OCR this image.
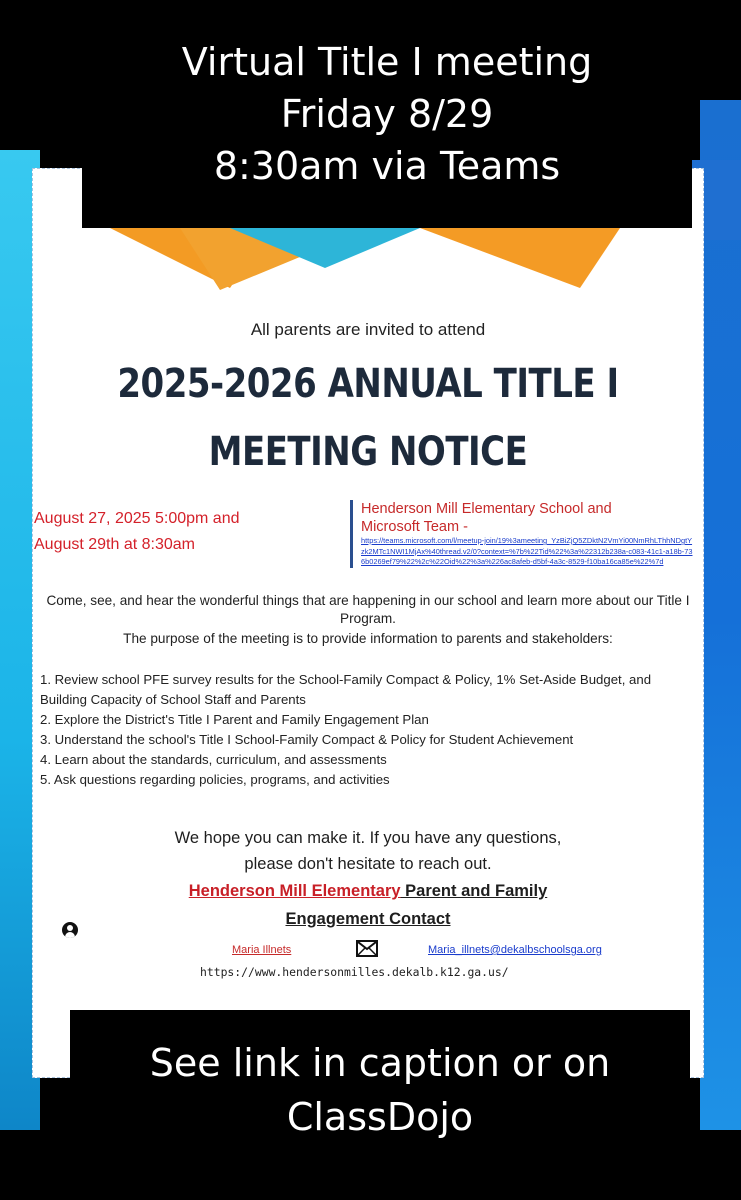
Virtual Title I meeting
Friday 8/29
8:30am via Teams
All parents are invited to attend
2025-2026 ANNUAL TITLE I
MEETING NOTICE
August 27, 2025 5:00pm and
August 29th at 8:30am
Henderson Mill Elementary School and
Microsoft Team -
https://teams.microsoft.com/l/meetup-join/19%3ameeting_YzBiZjQ5ZDktN2VmYi00NmRhLThhNDgtYzk2MTc1NWI1MjAx%40thread.v2/0?context=%7b%22Tid%22%3a%22312b238a-c083-41c1-a18b-736b0269ef79%22%2c%22Oid%22%3a%226ac8afeb-d5bf-4a3c-8529-f10ba16ca85e%22%7d
Come, see, and hear the wonderful things that are happening in our school and learn more about our Title I Program.
The purpose of the meeting is to provide information to parents and stakeholders:
1. Review school PFE survey results for the School-Family Compact & Policy, 1% Set-Aside Budget, and Building Capacity of School Staff and Parents
2. Explore the District's Title I Parent and Family Engagement Plan
3. Understand the school's Title I School-Family Compact & Policy for Student Achievement
4. Learn about the standards, curriculum, and assessments
5. Ask questions regarding policies, programs, and activities
We hope you can make it. If you have any questions,
please don't hesitate to reach out.
Henderson Mill Elementary Parent and Family
Engagement Contact
Maria Illnets	Maria_illnets@dekalbschoolsga.org
https://www.hendersonmilles.dekalb.k12.ga.us/
See link in caption or on
ClassDojo
